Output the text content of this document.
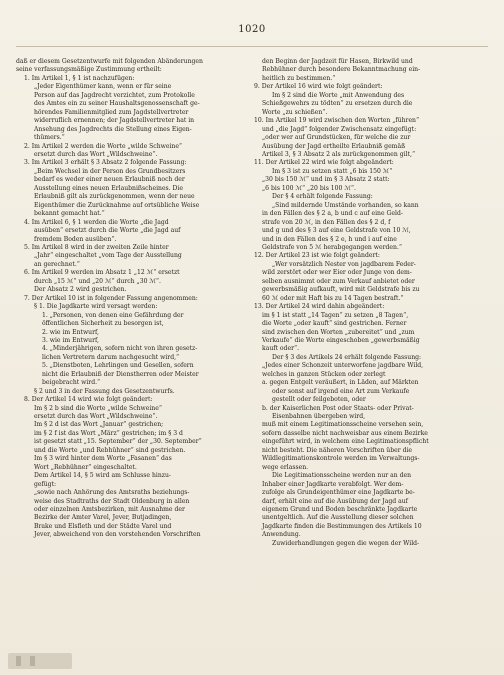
1020

daß er diesem Gesetzentwurfe mit folgenden Abänderungen

seine verfassungsmäßige Zustimmung ertheilt:

1. Im Artikel 1, § 1 ist nachzufügen:

„Jeder Eigenthümer kann, wenn er für seine

Person auf das Jagdrecht verzichtet, zum Protokolle

des Amtes ein zu seiner Haushaltsgenossenschaft ge-

hörendes Familienmitglied zum Jagdstellvertreter

widerruflich ernennen; der Jagdstellvertreter hat in

Ansehung des Jagdrechts die Stellung eines Eigen-

thümers.“

2. Im Artikel 2 werden die Worte „wilde Schweine“

ersetzt durch das Wort „Wildschweine“.

3. Im Artikel 3 erhält § 3 Absatz 2 folgende Fassung:

„Beim Wechsel in der Person des Grundbesitzers

bedarf es weder einer neuen Erlaubniß noch der

Ausstellung eines neuen Erlaubnißscheines. Die

Erlaubniß gilt als zurückgenommen, wenn der neue

Eigenthümer die Zurücknahme auf ortsübliche Weise

bekannt gemacht hat.“

4. Im Artikel 6, § 1 werden die Worte „die Jagd

ausüben“ ersetzt durch die Worte „die Jagd auf

fremdem Boden ausüben“.

5. Im Artikel 8 wird in der zweiten Zeile hinter

„Jahr“ eingeschaltet „vom Tage der Ausstellung

an gerechnet.“

6. Im Artikel 9 werden im Absatz 1 „12 ℳ“ ersetzt

durch „15 ℳ“ und „20 ℳ“ durch „30 ℳ“.

Der Absatz 2 wird gestrichen.

7. Der Artikel 10 ist in folgender Fassung angenommen:

§ 1. Die Jagdkarte wird versagt werden:

1. „Personen, von denen eine Gefährdung der

öffentlichen Sicherheit zu besorgen ist,

2. wie im Entwurf,

3. wie im Entwurf,

4. „Minderjährigen, sofern nicht von ihren gesetz-

lichen Vertretern darum nachgesucht wird,“

5. „Dienstboten, Lehrlingen und Gesellen, sofern

nicht die Erlaubniß der Dienstherren oder Meister

beigebracht wird.“

§ 2 und 3 in der Fassung des Gesetzentwurfs.

8. Der Artikel 14 wird wie folgt geändert:

Im § 2 b sind die Worte „wilde Schweine“

ersetzt durch das Wort „Wildschweine“.

Im § 2 d ist das Wort „Januar“ gestrichen;

im § 2 f ist das Wort „März“ gestrichen; im § 3 d

ist gesetzt statt „15. September“ der „30. September“

und die Worte „und Rebhühner“ sind gestrichen.

Im § 3 wird hinter dem Worte „Fasanen“ das

Wort „Rebhühner“ eingeschaltet.

Dem Artikel 14, § 5 wird am Schlusse hinzu-

gefügt:

„sowie nach Anhörung des Amtsraths beziehungs-

weise des Stadtraths der Stadt Oldenburg in allen

oder einzelnen Amtsbezirken, mit Ausnahme der

Bezirke der Ämter Varel, Jever, Butjadingen,

Brake und Elsfleth und der Städte Varel und

Jever, abweichend von den vorstehenden Vorschriften

den Beginn der Jagdzeit für Hasen, Birkwild und

Rebhühner durch besondere Bekanntmachung ein-

heitlich zu bestimmen.“

9. Der Artikel 16 wird wie folgt geändert:

Im § 2 sind die Worte „mit Anwendung des

Schießgewehrs zu tödten“ zu ersetzen durch die

Worte „zu schießen“.

10. Im Artikel 19 wird zwischen den Worten „führen“

und „die Jagd“ folgender Zwischensatz eingefügt:

„oder wer auf Grundstücken, für welche die zur

Ausübung der Jagd ertheilte Erlaubniß gemäß

Artikel 3, § 3 Absatz 2 als zurückgenommen gilt,“

11. Der Artikel 22 wird wie folgt abgeändert:

Im § 3 ist zu setzen statt „6 bis 150 ℳ“

„30 bis 150 ℳ“ und im § 3 Absatz 2 statt:

„6 bis 100 ℳ“ „20 bis 100 ℳ“.

Der § 4 erhält folgende Fassung:

„Sind mildernde Umstände vorhanden, so kann

in den Fällen des § 2 a, b und c auf eine Geld-

strafe von 20 ℳ, in den Fällen des § 2 d, f

und g und des § 3 auf eine Geldstrafe von 10 ℳ,

und in den Fällen des § 2 e, h und i auf eine

Geldstrafe von 5 ℳ herabgegangen werden.“

12. Der Artikel 23 ist wie folgt geändert:

„Wer vorsätzlich Nester von jagdbarem Feder-

wild zerstört oder wer Eier oder Junge von dem-

selben ausnimmt oder zum Verkauf anbietet oder

gewerbsmäßig aufkauft, wird mit Geldstrafe bis zu

60 ℳ oder mit Haft bis zu 14 Tagen bestraft.“

13. Der Artikel 24 wird dahin abgeändert:

im § 1 ist statt „14 Tagen“ zu setzen „8 Tagen“,

die Worte „oder kauft“ sind gestrichen. Ferner

sind zwischen den Worten „zubereitet“ und „zum

Verkaufe“ die Worte eingeschoben „gewerbsmäßig

kauft oder“.

Der § 3 des Artikels 24 erhält folgende Fassung:

„Jedes einer Schonzeit unterworfene jagdbare Wild,

welches in ganzen Stücken oder zerlegt

a. gegen Entgelt veräußert, in Läden, auf Märkten

oder sonst auf irgend eine Art zum Verkaufe

gestellt oder feilgeboten, oder

b. der Kaiserlichen Post oder Staats- oder Privat-

Eisenbahnen übergeben wird,

muß mit einem Legitimationsscheine versehen sein,

sofern dasselbe nicht nachweisbar aus einem Bezirke

eingeführt wird, in welchem eine Legitimationspflicht

nicht besteht. Die näheren Vorschriften über die

Wildlegitimationskontrole werden im Verwaltungs-

wege erlassen.

Die Legitimationsscheine werden nur an den

Inhaber einer Jagdkarte verabfolgt. Wer dem-

zufolge als Grundeigenthümer eine Jagdkarte be-

darf, erhält eine auf die Ausübung der Jagd auf

eigenem Grund und Boden beschränkte Jagdkarte

unentgeltlich. Auf die Ausstellung dieser solchen

Jagdkarte finden die Bestimmungen des Artikels 10

Anwendung.

Zuwiderhandlungen gegen die wegen der Wild-
